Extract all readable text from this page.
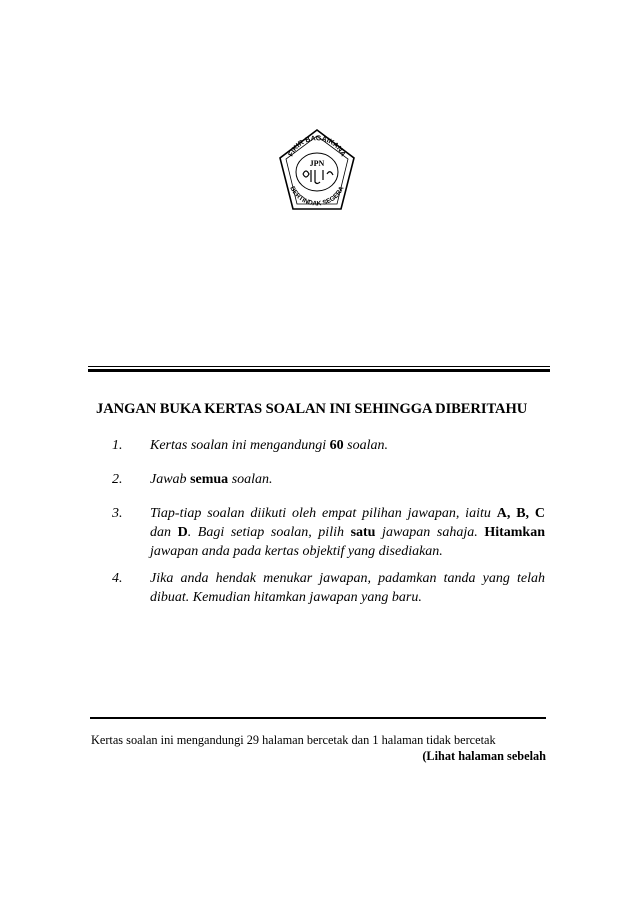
FIKIR BAGAIKANA
BERTINDAK SEGERA
JPN
JANGAN BUKA KERTAS SOALAN INI SEHINGGA DIBERITAHU
1. Kertas soalan ini mengandungi 60 soalan.
2. Jawab semua soalan.
3. Tiap-tiap soalan diikuti oleh empat pilihan jawapan, iaitu A, B, C dan D. Bagi setiap soalan, pilih satu jawapan sahaja. Hitamkan jawapan anda pada kertas objektif yang disediakan.
4. Jika anda hendak menukar jawapan, padamkan tanda yang telah dibuat. Kemudian hitamkan jawapan yang baru.
Kertas soalan ini mengandungi 29 halaman bercetak dan 1 halaman tidak bercetak
(Lihat halaman sebelah
